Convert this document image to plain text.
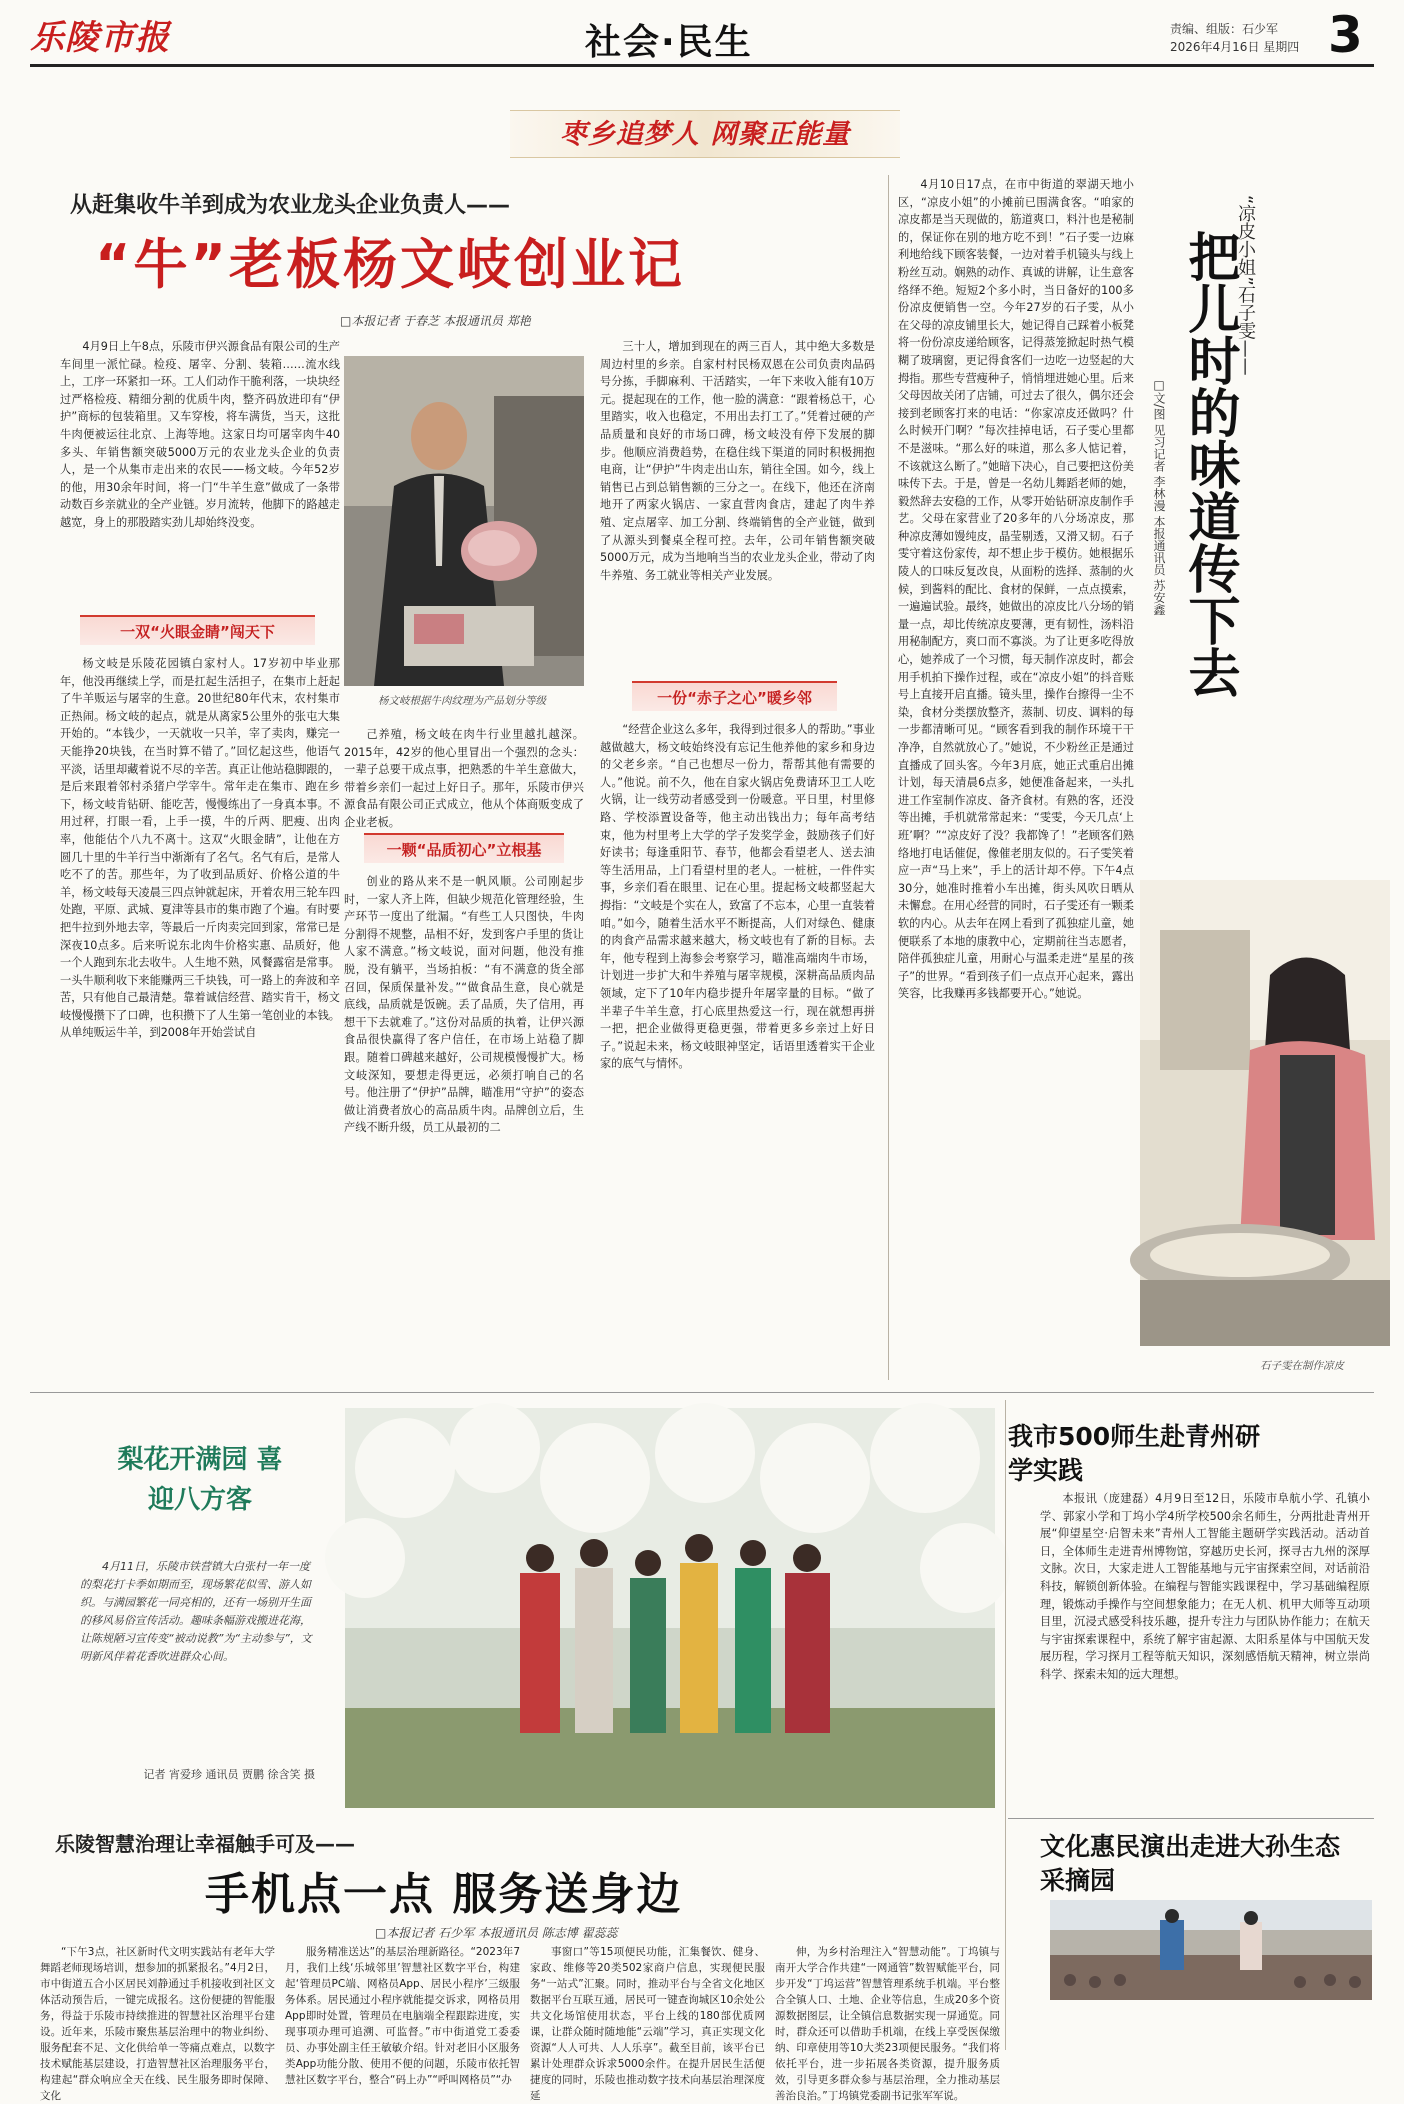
乐陵市报	社会·民生	责编、组版：石少军
2026年4月16日 星期四 3
枣乡追梦人 网聚正能量
从赶集收牛羊到成为农业龙头企业负责人——
“牛”老板杨文岐创业记
□本报记者 于春芝 本报通讯员 郑艳

4月9日上午8点，乐陵市伊兴源食品有限公司的生产车间里一派忙碌。检疫、屠宰、分割、装箱……流水线上，工序一环紧扣一环。工人们动作干脆利落，一块块经过严格检疫、精细分割的优质牛肉，整齐码放进印有“伊护”商标的包装箱里。又车穿梭，将车满货，当天，这批牛肉便被运往北京、上海等地。这家日均可屠宰肉牛40多头、年销售额突破5000万元的农业龙头企业的负责人，是一个从集市走出来的农民——杨文岐。今年52岁的他，用30余年时间，将一门“牛羊生意”做成了一条带动数百乡亲就业的全产业链。岁月流转，他脚下的路越走越宽，身上的那股踏实劲儿却始终没变。

一双“火眼金睛”闯天下

杨文岐是乐陵花园镇白家村人。17岁初中毕业那年，他没再继续上学，而是扛起生活担子，在集市上赶起了牛羊贩运与屠宰的生意。20世纪80年代末，农村集市正热闹。杨文岐的起点，就是从离家5公里外的张屯大集开始的。“本钱少，一天就收一只羊，宰了卖肉，赚完一天能挣20块钱，在当时算不错了。”回忆起这些，他语气平淡，话里却藏着说不尽的辛苦。真正让他站稳脚跟的，是后来跟着邻村杀猪户学宰牛。常年走在集市、跑在乡下，杨文岐肯钻研、能吃苦，慢慢练出了一身真本事。不用过秤，打眼一看，上手一摸，牛的斤两、肥瘦、出肉率，他能估个八九不离十。这双“火眼金睛”，让他在方圆几十里的牛羊行当中渐渐有了名气。名气有后，是常人吃不了的苦。那些年，为了收到品质好、价格公道的牛羊，杨文岐每天凌晨三四点钟就起床，开着农用三轮车四处跑，平原、武城、夏津等县市的集市跑了个遍。有时要把牛拉到外地去宰，等最后一斤肉卖完回到家，常常已是深夜10点多。后来听说东北肉牛价格实惠、品质好，他一个人跑到东北去收牛。人生地不熟，风餐露宿是常事。一头牛顺利收下来能赚两三千块钱，可一路上的奔波和辛苦，只有他自己最清楚。靠着诚信经营、踏实肯干，杨文岐慢慢攒下了口碑，也积攒下了人生第一笔创业的本钱。从单纯贩运牛羊，到2008年开始尝试自

杨文岐根据牛肉纹理为产品划分等级

己养殖，杨文岐在肉牛行业里越扎越深。2015年，42岁的他心里冒出一个强烈的念头：一辈子总要干成点事，把熟悉的牛羊生意做大，带着乡亲们一起过上好日子。那年，乐陵市伊兴源食品有限公司正式成立，他从个体商贩变成了企业老板。

一颗“品质初心”立根基

创业的路从来不是一帆风顺。公司刚起步时，一家人齐上阵，但缺少规范化管理经验，生产环节一度出了纰漏。“有些工人只图快，牛肉分割得不规整，品相不好，发到客户手里的货让人家不满意。”杨文岐说，面对问题，他没有推脱，没有躺平，当场拍板：“有不满意的货全部召回，保质保量补发。”“做食品生意，良心就是底线，品质就是饭碗。丢了品质，失了信用，再想干下去就难了。”这份对品质的执着，让伊兴源食品很快赢得了客户信任，在市场上站稳了脚跟。随着口碑越来越好，公司规模慢慢扩大。杨文岐深知，要想走得更远，必须打响自己的名号。他注册了“伊护”品牌，瞄准用“守护”的姿态做让消费者放心的高品质牛肉。品牌创立后，生产线不断升级，员工从最初的二

三十人，增加到现在的两三百人，其中绝大多数是周边村里的乡亲。自家村村民杨双恩在公司负责肉品码号分拣，手脚麻利、干活踏实，一年下来收入能有10万元。提起现在的工作，他一脸的满意：“跟着杨总干，心里踏实，收入也稳定，不用出去打工了。”凭着过硬的产品质量和良好的市场口碑，杨文岐没有停下发展的脚步。他顺应消费趋势，在稳住线下渠道的同时积极拥抱电商，让“伊护”牛肉走出山东，销往全国。如今，线上销售已占到总销售额的三分之一。在线下，他还在济南地开了两家火锅店、一家直营肉食店，建起了肉牛养殖、定点屠宰、加工分割、终端销售的全产业链，做到了从源头到餐桌全程可控。去年，公司年销售额突破5000万元，成为当地响当当的农业龙头企业，带动了肉牛养殖、务工就业等相关产业发展。

一份“赤子之心”暖乡邻

“经营企业这么多年，我得到过很多人的帮助。”事业越做越大，杨文岐始终没有忘记生他养他的家乡和身边的父老乡亲。“自己也想尽一份力，帮帮其他有需要的人。”他说。前不久，他在自家火锅店免费请环卫工人吃火锅，让一线劳动者感受到一份暖意。平日里，村里修路、学校添置设备等，他主动出钱出力；每年高考结束，他为村里考上大学的学子发奖学金，鼓励孩子们好好读书；每逢重阳节、春节，他都会看望老人、送去油等生活用品，上门看望村里的老人。一桩桩，一件件实事，乡亲们看在眼里、记在心里。提起杨文岐都竖起大拇指：“文岐是个实在人，致富了不忘本，心里一直装着咱。”如今，随着生活水平不断提高，人们对绿色、健康的肉食产品需求越来越大，杨文岐也有了新的目标。去年，他专程到上海参会考察学习，瞄准高端肉牛市场，计划进一步扩大和牛养殖与屠宰规模，深耕高品质肉品领域，定下了10年内稳步提升年屠宰量的目标。“做了半辈子牛羊生意，打心底里热爱这一行，现在就想再拼一把，把企业做得更稳更强，带着更多乡亲过上好日子。”说起未来，杨文岐眼神坚定，话语里透着实干企业家的底气与情怀。

4月10日17点，在市中街道的翠湖天地小区，“凉皮小姐”的小摊前已围满食客。“咱家的凉皮都是当天现做的，筋道爽口，料汁也是秘制的，保证你在别的地方吃不到！”石子雯一边麻利地给线下顾客装餐，一边对着手机镜头与线上粉丝互动。娴熟的动作、真诚的讲解，让生意客络绎不绝。短短2个多小时，当日备好的100多份凉皮便销售一空。今年27岁的石子雯，从小在父母的凉皮铺里长大，她记得自己踩着小板凳将一份份凉皮递给顾客，记得蒸笼掀起时热气模糊了玻璃窗，更记得食客们一边吃一边竖起的大拇指。那些专营瘦种子，悄悄埋进她心里。后来父母因故关闭了店铺，可过去了很久，偶尔还会接到老顾客打来的电话：“你家凉皮还做吗？什么时候开门啊？”每次挂掉电话，石子雯心里都不是滋味。“那么好的味道，那么多人惦记着，不该就这么断了。”她暗下决心，自己要把这份美味传下去。于是，曾是一名幼儿舞蹈老师的她，毅然辞去安稳的工作，从零开始钻研凉皮制作手艺。父母在家营业了20多年的八分场凉皮，那种凉皮薄如馒纯皮，晶莹剔透，又滑又韧。石子雯守着这份家传，却不想止步于模仿。她根据乐陵人的口味反复改良，从面粉的选择、蒸制的火候，到酱料的配比、食材的保鲜，一点点摸索，一遍遍试验。最终，她做出的凉皮比八分场的销量一点，却比传统凉皮要薄，更有韧性，汤料沿用秘制配方，爽口而不寡淡。为了让更多吃得放心，她养成了一个习惯，每天制作凉皮时，都会用手机拍下操作过程，或在“凉皮小姐”的抖音账号上直接开启直播。镜头里，操作台擦得一尘不染，食材分类摆放整齐，蒸制、切皮、调料的每一步都清晰可见。“顾客看到我的制作环境干干净净，自然就放心了。”她说，不少粉丝正是通过直播成了回头客。今年3月底，她正式重启出摊计划，每天清晨6点多，她便准备起来，一头扎进工作室制作凉皮、备齐食材。有熟的客，还没等出摊，手机就常常起来：“雯雯，今天几点‘上班’啊？”“凉皮好了没？我都馋了！”老顾客们熟络地打电话催促，像催老朋友似的。石子雯笑着应一声“马上来”，手上的活计却不停。下午4点30分，她准时推着小车出摊，街头风吹日晒从未懈怠。在用心经营的同时，石子雯还有一颗柔软的内心。从去年在网上看到了孤独症儿童，她便联系了本地的康教中心，定期前往当志愿者，陪伴孤独症儿童，用耐心与温柔走进“星星的孩子”的世界。“看到孩子们一点点开心起来，露出笑容，比我赚再多钱都要开心。”她说。

“凉皮小姐”石子雯——
把儿时的味道传下去
□文/图 见习记者 李林漫 本报通讯员 苏安鑫
石子雯在制作凉皮
梨花开满园 喜迎八方客
4月11日，乐陵市铁营镇大白张村一年一度的梨花打卡季如期而至，现场繁花似雪、游人如织。与满园繁花一同亮相的，还有一场别开生面的移风易俗宣传活动。趣味条幅游戏搬进花海，让陈规陋习宣传变“被动说教”为“主动参与”，文明新风伴着花香吹进群众心间。
记者 宵爱珍 通讯员 贾鹏 徐含笑 摄
我市500师生赴青州研学实践

本报讯（庞建磊）4月9日至12日，乐陵市阜航小学、孔镇小学、郭家小学和丁坞小学4所学校500余名师生，分两批赴青州开展“仰望星空·启智未来”青州人工智能主题研学实践活动。活动首日，全体师生走进青州博物馆，穿越历史长河，探寻古九州的深厚文脉。次日，大家走进人工智能基地与元宇宙探索空间，对话前沿科技，解锁创新体验。在编程与智能实践课程中，学习基础编程原理，锻炼动手操作与空间想象能力；在无人机、机甲大师等互动项目里，沉浸式感受科技乐趣，提升专注力与团队协作能力；在航天与宇宙探索课程中，系统了解宇宙起源、太阳系星体与中国航天发展历程，学习探月工程等航天知识，深刻感悟航天精神，树立崇尚科学、探索未知的远大理想。

文化惠民演出走进大孙生态采摘园
乐陵智慧治理让幸福触手可及——
手机点一点 服务送身边
□本报记者 石少军 本报通讯员 陈志博 翟蕊蕊

“下午3点，社区新时代文明实践站有老年大学舞蹈老师现场培训，想参加的抓紧报名。”4月2日，市中街道五合小区居民刘静通过手机接收到社区文体活动预告后，一键完成报名。这份便捷的智能服务，得益于乐陵市持续推进的智慧社区治理平台建设。近年来，乐陵市聚焦基层治理中的物业纠纷、服务配套不足、文化供给单一等痛点难点，以数字技术赋能基层建设，打造智慧社区治理服务平台，构建起“群众响应全天在线、民生服务即时保障、文化

服务精准送达”的基层治理新路径。“2023年7月，我们上线‘乐城邻里’智慧社区数字平台，构建起‘管理员PC端、网格员App、居民小程序’三级服务体系。居民通过小程序就能提交诉求，网格员用App即时处置，管理员在电脑端全程跟踪进度，实现事项办理可追溯、可监督。”市中街道党工委委员、办事处副主任王敏敏介绍。针对老旧小区服务类App功能分散、使用不便的问题，乐陵市依托智慧社区数字平台，整合“码上办”“呼叫网格员”“办

事窗口”等15项便民功能，汇集餐饮、健身、家政、维修等20类502家商户信息，实现便民服务“一站式”汇聚。同时，推动平台与全省文化地区数据平台互联互通，居民可一键查询城区10余处公共文化场馆使用状态，平台上线的180部优质网课，让群众随时随地能“云端”学习，真正实现文化资源“人人可共、人人乐享”。截至目前，该平台已累计处理群众诉求5000余件。在提升居民生活便捷度的同时，乐陵也推动数字技术向基层治理深度延

伸，为乡村治理注入“智慧动能”。丁坞镇与南开大学合作共建“一网通管”数智赋能平台，同步开发“丁坞运营”智慧管理系统手机端。平台整合全镇人口、土地、企业等信息，生成20多个资源数据图层，让全镇信息数据实现一屏通览。同时，群众还可以借助手机端，在线上享受医保缴纳、印章使用等10大类23项便民服务。“我们将依托平台，进一步拓展各类资源，提升服务质效，引导更多群众参与基层治理，全力推动基层善治良治。”丁坞镇党委副书记张军军说。
